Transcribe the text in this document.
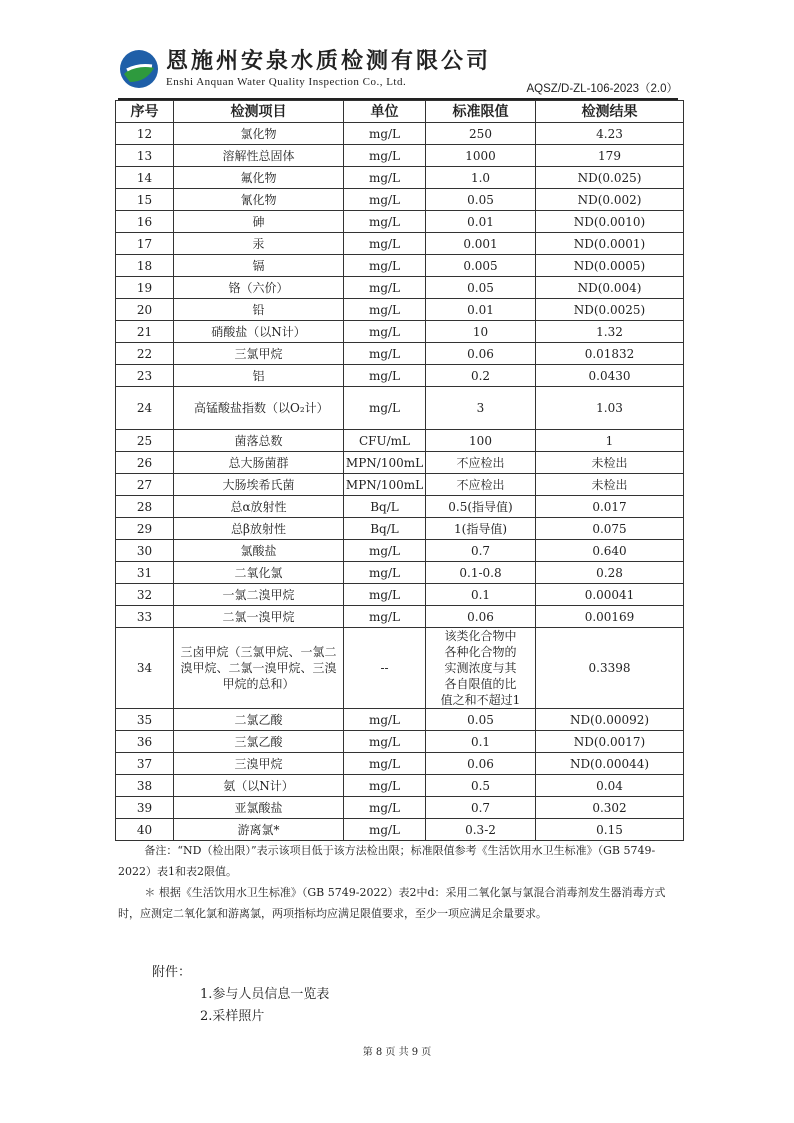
恩施州安泉水质检测有限公司
Enshi Anquan Water Quality Inspection Co., Ltd.
AQSZ/D-ZL-106-2023（2.0）
序号	检测项目	单位	标准限值	检测结果
12	氯化物	mg/L	250	4.23
13	溶解性总固体	mg/L	1000	179
14	氟化物	mg/L	1.0	ND(0.025)
15	氰化物	mg/L	0.05	ND(0.002)
16	砷	mg/L	0.01	ND(0.0010)
17	汞	mg/L	0.001	ND(0.0001)
18	镉	mg/L	0.005	ND(0.0005)
19	铬（六价）	mg/L	0.05	ND(0.004)
20	铅	mg/L	0.01	ND(0.0025)
21	硝酸盐（以N计）	mg/L	10	1.32
22	三氯甲烷	mg/L	0.06	0.01832
23	铝	mg/L	0.2	0.0430
24	高锰酸盐指数（以O₂计）	mg/L	3	1.03
25	菌落总数	CFU/mL	100	1
26	总大肠菌群	MPN/100mL	不应检出	未检出
27	大肠埃希氏菌	MPN/100mL	不应检出	未检出
28	总α放射性	Bq/L	0.5(指导值)	0.017
29	总β放射性	Bq/L	1(指导值)	0.075
30	氯酸盐	mg/L	0.7	0.640
31	二氧化氯	mg/L	0.1-0.8	0.28
32	一氯二溴甲烷	mg/L	0.1	0.00041
33	二氯一溴甲烷	mg/L	0.06	0.00169
34	三卤甲烷（三氯甲烷、一氯二溴甲烷、二氯一溴甲烷、三溴甲烷的总和）	--	该类化合物中各种化合物的实测浓度与其各自限值的比值之和不超过1	0.3398
35	二氯乙酸	mg/L	0.05	ND(0.00092)
36	三氯乙酸	mg/L	0.1	ND(0.0017)
37	三溴甲烷	mg/L	0.06	ND(0.00044)
38	氨（以N计）	mg/L	0.5	0.04
39	亚氯酸盐	mg/L	0.7	0.302
40	游离氯*	mg/L	0.3-2	0.15

备注：“ND（检出限）”表示该项目低于该方法检出限；标准限值参考《生活饮用水卫生标准》（GB 5749-2022）表1和表2限值。

＊ 根据《生活饮用水卫生标准》（GB 5749-2022）表2中d：采用二氧化氯与氯混合消毒剂发生器消毒方式时，应测定二氧化氯和游离氯，两项指标均应满足限值要求，至少一项应满足余量要求。

附件：
1.参与人员信息一览表
2.采样照片
第 8 页 共 9 页
